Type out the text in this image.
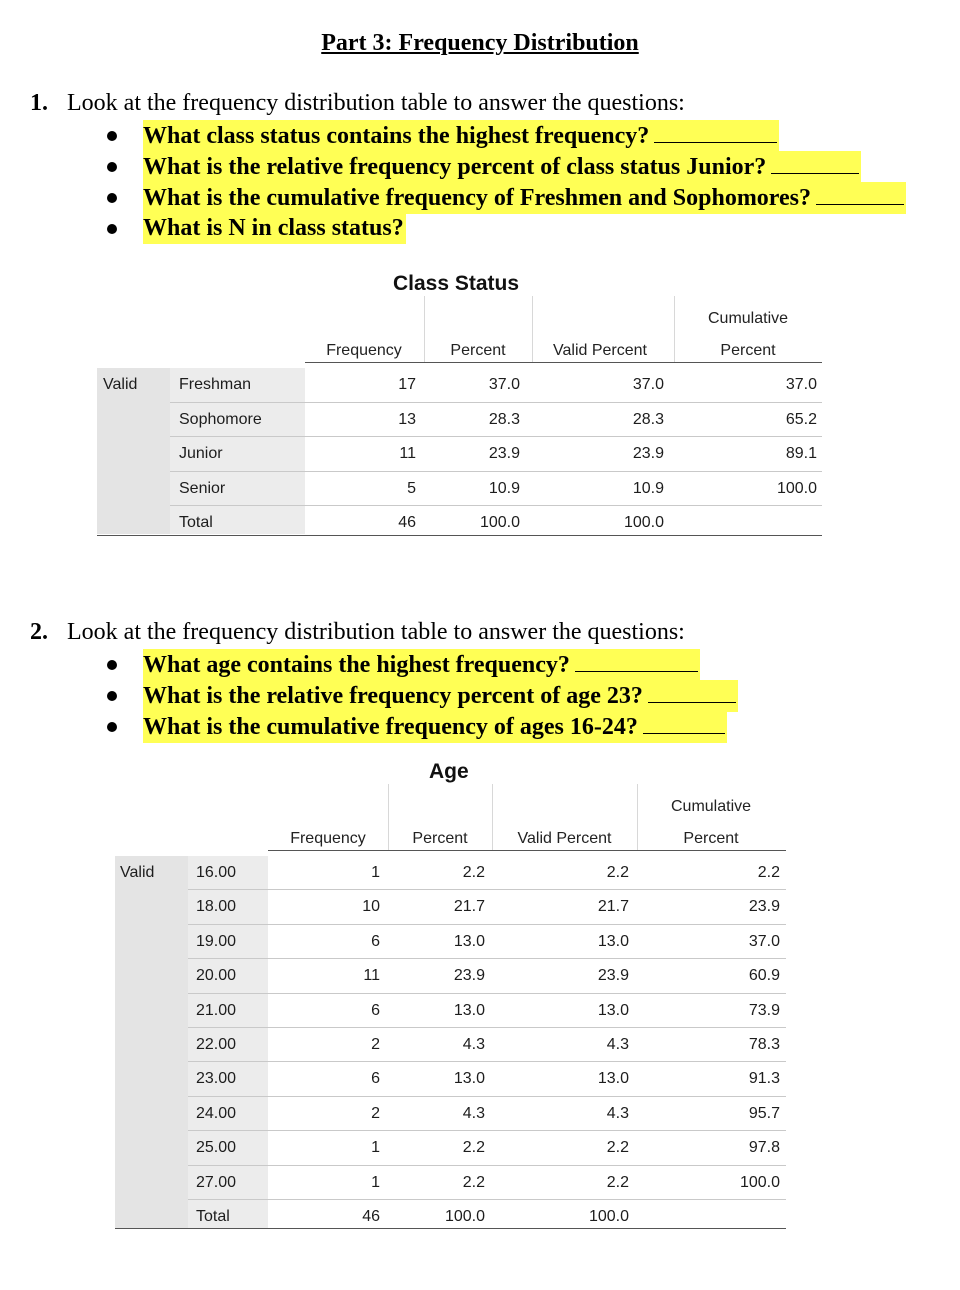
Part 3: Frequency Distribution
1. Look at the frequency distribution table to answer the questions:
What class status contains the highest frequency?
What is the relative frequency percent of class status Junior?
What is the cumulative frequency of Freshmen and Sophomores?
What is N in class status?
Class Status
Frequency	Percent	Valid Percent
Cumulative
Percent
Valid	Freshman	17	37.0	37.0	37.0
Sophomore	13	28.3	28.3	65.2
Junior	11	23.9	23.9	89.1
Senior	5	10.9	10.9	100.0
Total	46	100.0	100.0
2. Look at the frequency distribution table to answer the questions:
What age contains the highest frequency?
What is the relative frequency percent of age 23?
What is the cumulative frequency of ages 16-24?
Age
Frequency	Percent	Valid Percent
Cumulative
Percent
Valid	16.00	1	2.2	2.2	2.2
18.00	10	21.7	21.7	23.9
19.00	6	13.0	13.0	37.0
20.00	11	23.9	23.9	60.9
21.00	6	13.0	13.0	73.9
22.00	2	4.3	4.3	78.3
23.00	6	13.0	13.0	91.3
24.00	2	4.3	4.3	95.7
25.00	1	2.2	2.2	97.8
27.00	1	2.2	2.2	100.0
Total	46	100.0	100.0
